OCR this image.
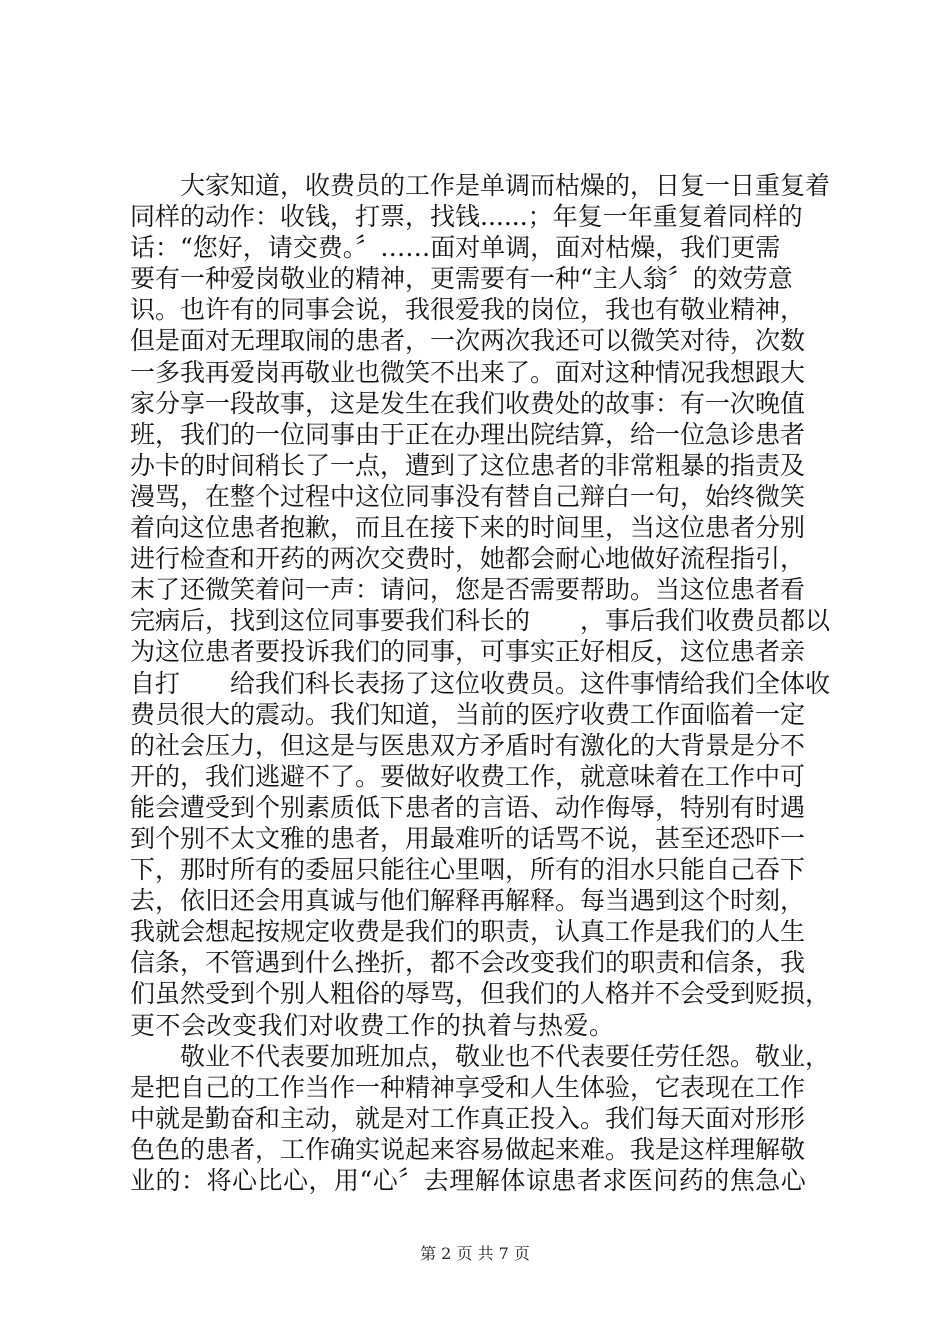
　　大家知道，收费员的工作是单调而枯燥的，日复一日重复着
同样的动作：收钱，打票，找钱......；年复一年重复着同样的
话：“您好，请交费。〞……面对单调，面对枯燥，我们更需
要有一种爱岗敬业的精神，更需要有一种“主人翁〞的效劳意
识。也许有的同事会说，我很爱我的岗位，我也有敬业精神，
但是面对无理取闹的患者，一次两次我还可以微笑对待，次数
一多我再爱岗再敬业也微笑不出来了。面对这种情况我想跟大
家分享一段故事，这是发生在我们收费处的故事：有一次晚值
班，我们的一位同事由于正在办理出院结算，给一位急诊患者
办卡的时间稍长了一点，遭到了这位患者的非常粗暴的指责及
漫骂，在整个过程中这位同事没有替自己辩白一句，始终微笑
着向这位患者抱歉，而且在接下来的时间里，当这位患者分别
进行检查和开药的两次交费时，她都会耐心地做好流程指引，
末了还微笑着问一声：请问，您是否需要帮助。当这位患者看
完病后，找到这位同事要我们科长的　　，事后我们收费员都以
为这位患者要投诉我们的同事，可事实正好相反，这位患者亲
自打　　给我们科长表扬了这位收费员。这件事情给我们全体收
费员很大的震动。我们知道，当前的医疗收费工作面临着一定
的社会压力，但这是与医患双方矛盾时有激化的大背景是分不
开的，我们逃避不了。要做好收费工作，就意味着在工作中可
能会遭受到个别素质低下患者的言语、动作侮辱，特别有时遇
到个别不太文雅的患者，用最难听的话骂不说，甚至还恐吓一
下，那时所有的委屈只能往心里咽，所有的泪水只能自己吞下
去，依旧还会用真诚与他们解释再解释。每当遇到这个时刻，
我就会想起按规定收费是我们的职责，认真工作是我们的人生
信条，不管遇到什么挫折，都不会改变我们的职责和信条，我
们虽然受到个别人粗俗的辱骂，但我们的人格并不会受到贬损，
更不会改变我们对收费工作的执着与热爱。
　　敬业不代表要加班加点，敬业也不代表要任劳任怨。敬业，
是把自己的工作当作一种精神享受和人生体验，它表现在工作
中就是勤奋和主动，就是对工作真正投入。我们每天面对形形
色色的患者，工作确实说起来容易做起来难。我是这样理解敬
业的：将心比心，用“心〞去理解体谅患者求医问药的焦急心
第 2 页 共 7 页
